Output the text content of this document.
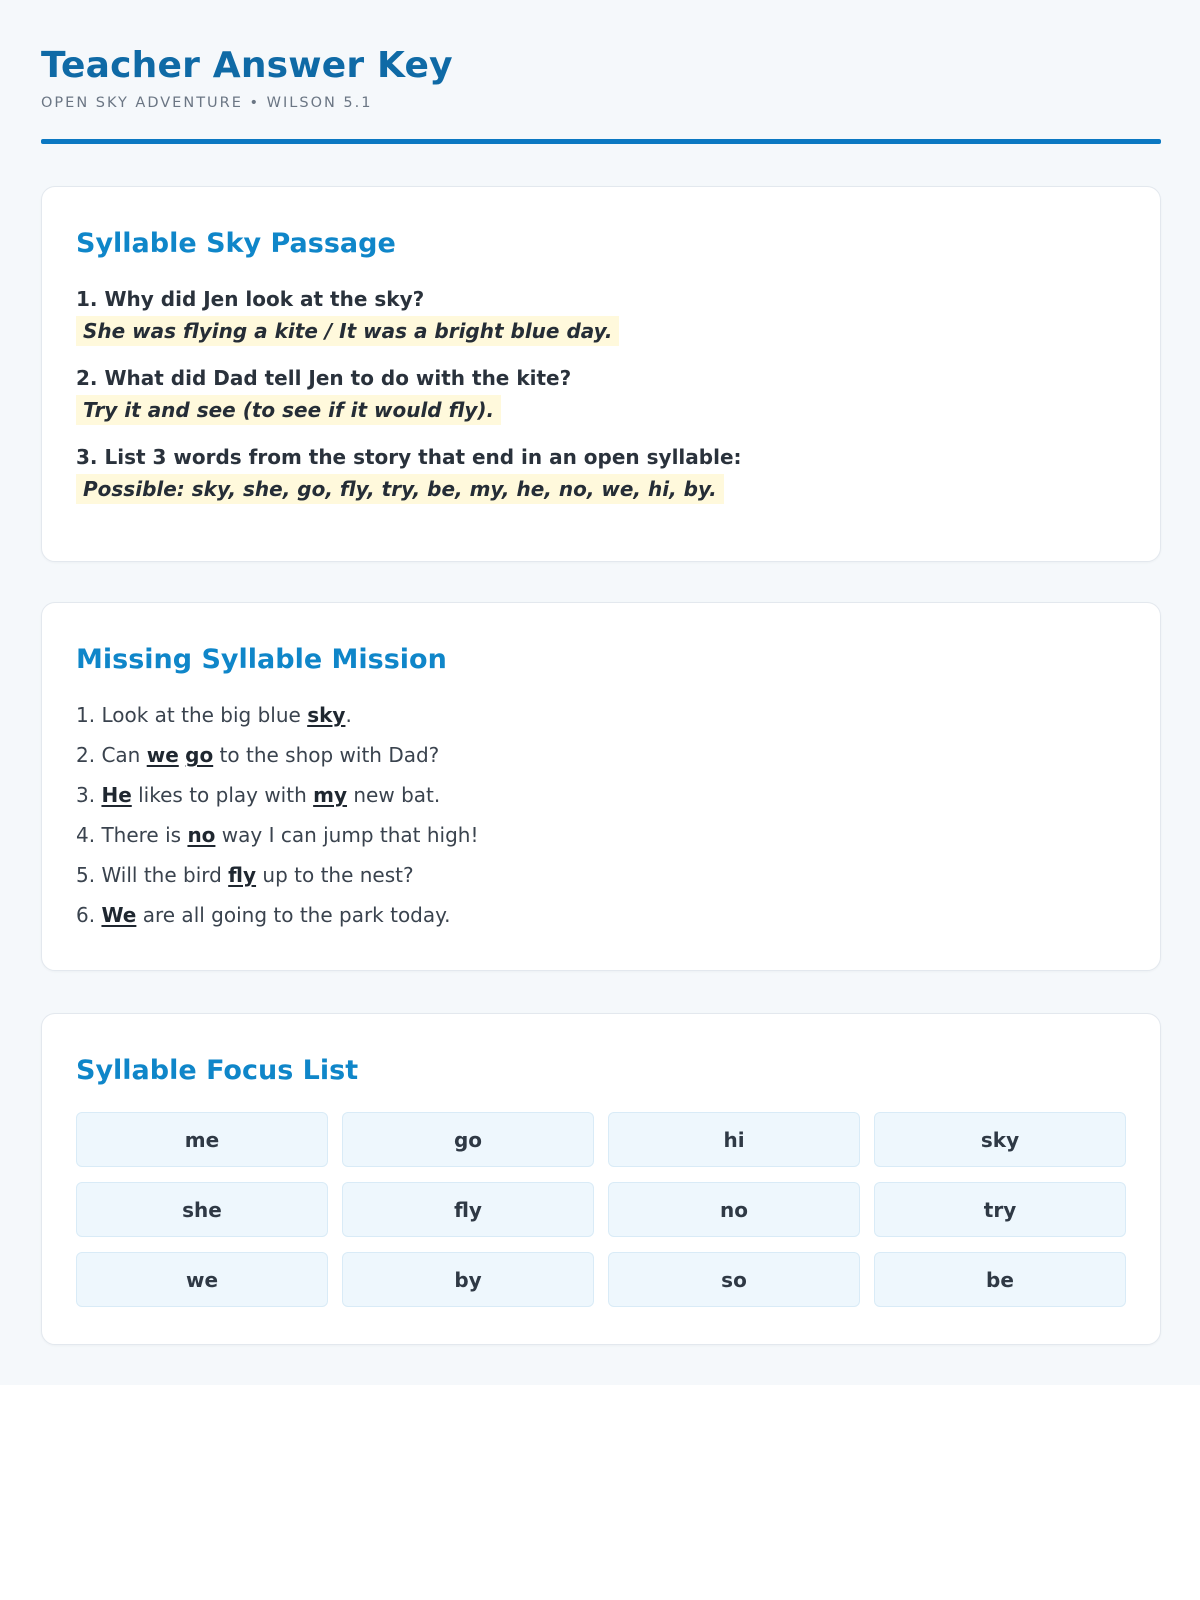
Teacher Answer Key
OPEN SKY ADVENTURE • WILSON 5.1
Syllable Sky Passage
1. Why did Jen look at the sky?
She was flying a kite / It was a bright blue day.
2. What did Dad tell Jen to do with the kite?
Try it and see (to see if it would fly).
3. List 3 words from the story that end in an open syllable:
Possible: sky, she, go, fly, try, be, my, he, no, we, hi, by.
Missing Syllable Mission
1. Look at the big blue sky.
2. Can we go to the shop with Dad?
3. He likes to play with my new bat.
4. There is no way I can jump that high!
5. Will the bird fly up to the nest?
6. We are all going to the park today.
Syllable Focus List
me	go	hi	sky
she	fly	no	try
we	by	so	be
